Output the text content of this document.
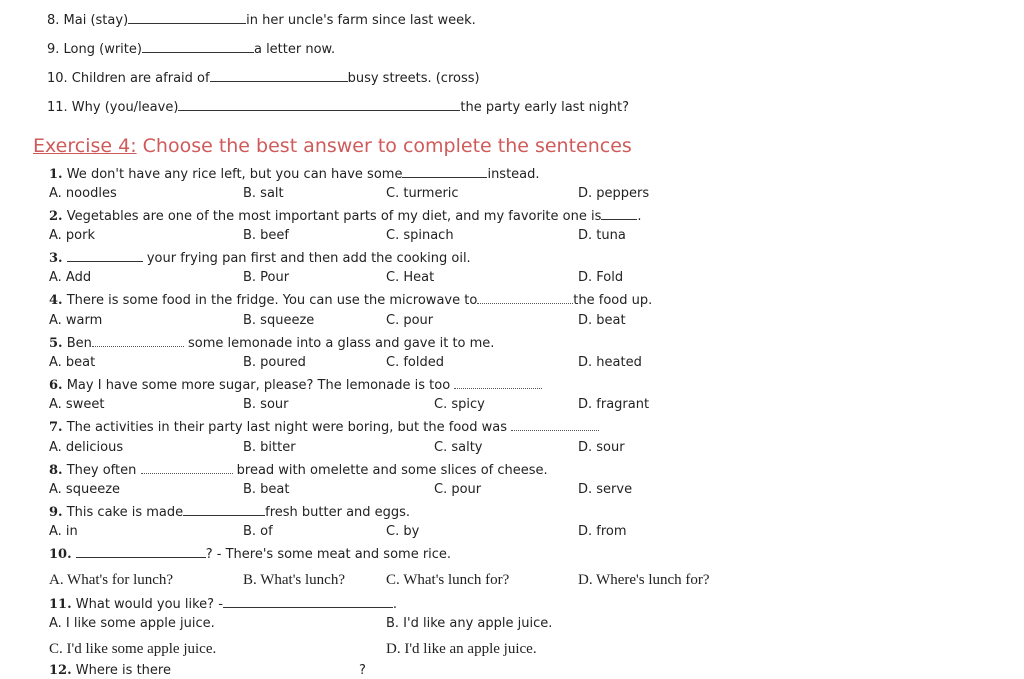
8. Mai (stay)	in her uncle's farm since last week.
9. Long (write)	a letter now.
10. Children are afraid of	busy streets. (cross)
11. Why (you/leave)	the party early last night?
Exercise 4: Choose the best answer to complete the sentences
1. We don't have any rice left, but you can have some	instead.
A. noodles	B. salt	C. turmeric	D. peppers
2. Vegetables are one of the most important parts of my diet, and my favorite one is	.
A. pork	B. beef	C. spinach	D. tuna
3.	your frying pan first and then add the cooking oil.
A. Add	B. Pour	C. Heat	D. Fold
4. There is some food in the fridge. You can use the microwave to	the food up.
A. warm	B. squeeze	C. pour	D. beat
5. Ben	some lemonade into a glass and gave it to me.
A. beat	B. poured	C. folded	D. heated
6. May I have some more sugar, please? The lemonade is too
A. sweet	B. sour	C. spicy	D. fragrant
7. The activities in their party last night were boring, but the food was
A. delicious	B. bitter	C. salty	D. sour
8. They often	bread with omelette and some slices of cheese.
A. squeeze	B. beat	C. pour	D. serve
9. This cake is made	fresh butter and eggs.
A. in	B. of	C. by	D. from
10.	? - There's some meat and some rice.
A. What's for lunch?	B. What's lunch?	C. What's lunch for?	D. Where's lunch for?
11. What would you like? -	.
A. I like some apple juice.	B. I'd like any apple juice.
C. I'd like some apple juice.	D. I'd like an apple juice.
12. Where is there	?
